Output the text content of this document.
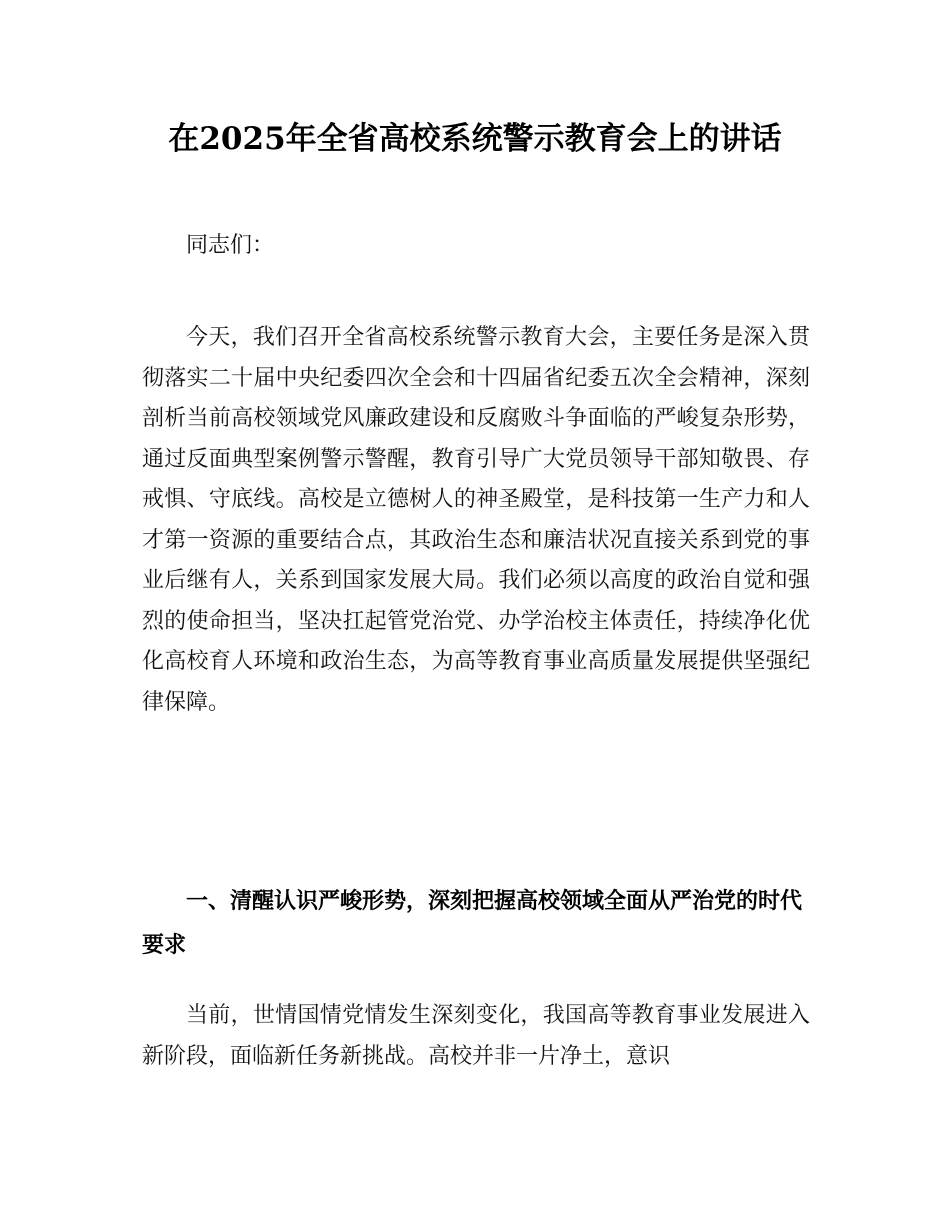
在2025年全省高校系统警示教育会上的讲话

同志们：

今天，我们召开全省高校系统警示教育大会，主要任务是深入贯彻落实二十届中央纪委四次全会和十四届省纪委五次全会精神，深刻剖析当前高校领域党风廉政建设和反腐败斗争面临的严峻复杂形势，通过反面典型案例警示警醒，教育引导广大党员领导干部知敬畏、存戒惧、守底线。高校是立德树人的神圣殿堂，是科技第一生产力和人才第一资源的重要结合点，其政治生态和廉洁状况直接关系到党的事业后继有人，关系到国家发展大局。我们必须以高度的政治自觉和强烈的使命担当，坚决扛起管党治党、办学治校主体责任，持续净化优化高校育人环境和政治生态，为高等教育事业高质量发展提供坚强纪律保障。

一、清醒认识严峻形势，深刻把握高校领域全面从严治党的时代要求

当前，世情国情党情发生深刻变化，我国高等教育事业发展进入新阶段，面临新任务新挑战。高校并非一片净土，意识
